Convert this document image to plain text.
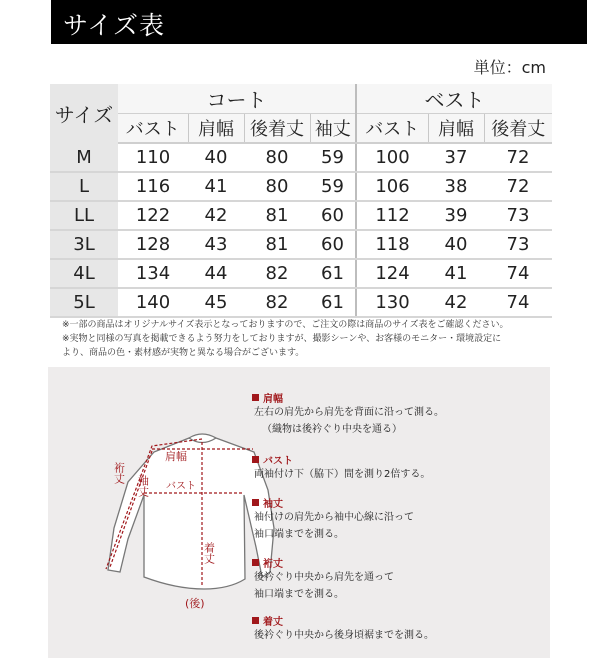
サイズ表
単位：cm
サイズ	コート				ベスト		
	バスト	肩幅	後着丈	袖丈	バスト	肩幅	後着丈
M	110	40	80	59	100	37	72
L	116	41	80	59	106	38	72
LL	122	42	81	60	112	39	73
3L	128	43	81	60	118	40	73
4L	134	44	82	61	124	41	74
5L	140	45	82	61	130	42	74
※一部の商品はオリジナルサイズ表示となっておりますので、ご注文の際は商品のサイズ表をご確認ください。
※実物と同様の写真を掲載できるよう努力をしておりますが、撮影シーンや、お客様のモニター・環境設定に
より、商品の色・素材感が実物と異なる場合がございます。
肩幅
バスト
着丈
袖丈
裄丈
(後)
肩幅
左右の肩先から肩先を背面に沿って測る。
（織物は後衿ぐり中央を通る）
バスト
両袖付け下（脇下）間を測り2倍する。
袖丈
袖付けの肩先から袖中心線に沿って
袖口端までを測る。
裄丈
後衿ぐり中央から肩先を通って
袖口端までを測る。
着丈
後衿ぐり中央から後身頃裾までを測る。
